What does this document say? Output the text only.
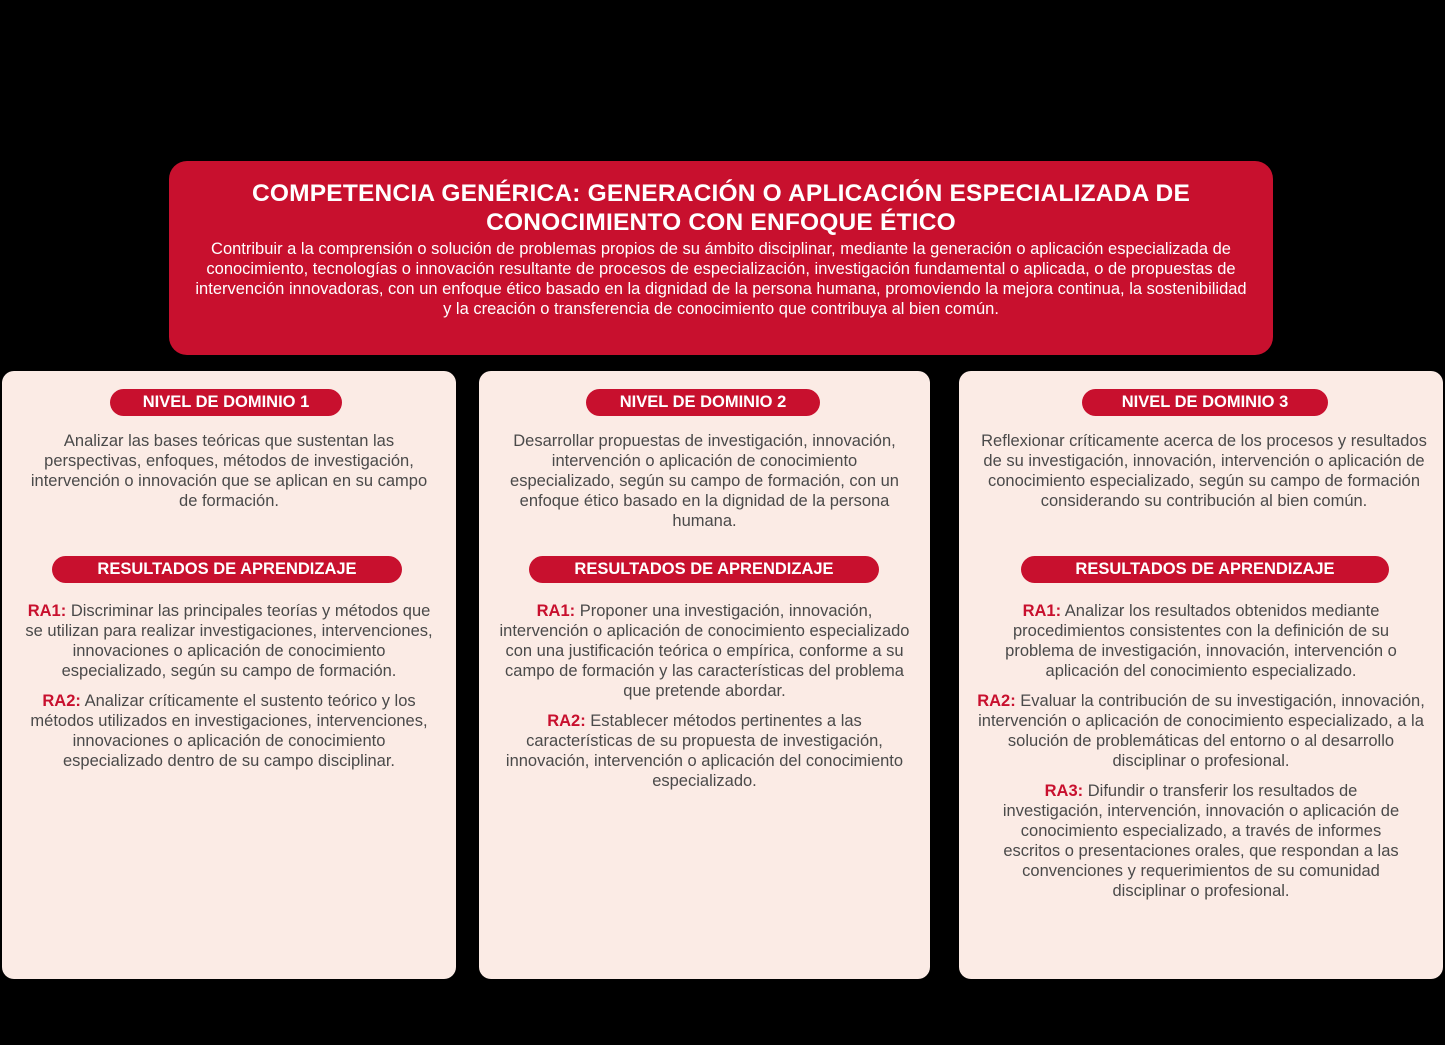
COMPETENCIA GENÉRICA: GENERACIÓN O APLICACIÓN ESPECIALIZADA DE CONOCIMIENTO CON ENFOQUE ÉTICO
Contribuir a la comprensión o solución de problemas propios de su ámbito disciplinar, mediante la generación o aplicación especializada de conocimiento, tecnologías o innovación resultante de procesos de especialización, investigación fundamental o aplicada, o de propuestas de intervención innovadoras, con un enfoque ético basado en la dignidad de la persona humana, promoviendo la mejora continua, la sostenibilidad y la creación o transferencia de conocimiento que contribuya al bien común.
NIVEL DE DOMINIO 1
Analizar las bases teóricas que sustentan las perspectivas, enfoques, métodos de investigación, intervención o innovación que se aplican en su campo de formación.
RESULTADOS DE APRENDIZAJE
RA1: Discriminar las principales teorías y métodos que se utilizan para realizar investigaciones, intervenciones, innovaciones o aplicación de conocimiento especializado, según su campo de formación.
RA2: Analizar críticamente el sustento teórico y los métodos utilizados en investigaciones, intervenciones, innovaciones o aplicación de conocimiento especializado dentro de su campo disciplinar.
NIVEL DE DOMINIO 2
Desarrollar propuestas de investigación, innovación, intervención o aplicación de conocimiento especializado, según su campo de formación, con un enfoque ético basado en la dignidad de la persona humana.
RESULTADOS DE APRENDIZAJE
RA1: Proponer una investigación, innovación, intervención o aplicación de conocimiento especializado con una justificación teórica o empírica, conforme a su campo de formación y las características del problema que pretende abordar.
RA2: Establecer métodos pertinentes a las características de su propuesta de investigación, innovación, intervención o aplicación del conocimiento especializado.
NIVEL DE DOMINIO 3
Reflexionar críticamente acerca de los procesos y resultados de su investigación, innovación, intervención o aplicación de conocimiento especializado, según su campo de formación considerando su contribución al bien común.
RESULTADOS DE APRENDIZAJE
RA1: Analizar los resultados obtenidos mediante procedimientos consistentes con la definición de su problema de investigación, innovación, intervención o aplicación del conocimiento especializado.
RA2: Evaluar la contribución de su investigación, innovación, intervención o aplicación de conocimiento especializado, a la solución de problemáticas del entorno o al desarrollo disciplinar o profesional.
RA3: Difundir o transferir los resultados de investigación, intervención, innovación o aplicación de conocimiento especializado, a través de informes escritos o presentaciones orales, que respondan a las convenciones y requerimientos de su comunidad disciplinar o profesional.
